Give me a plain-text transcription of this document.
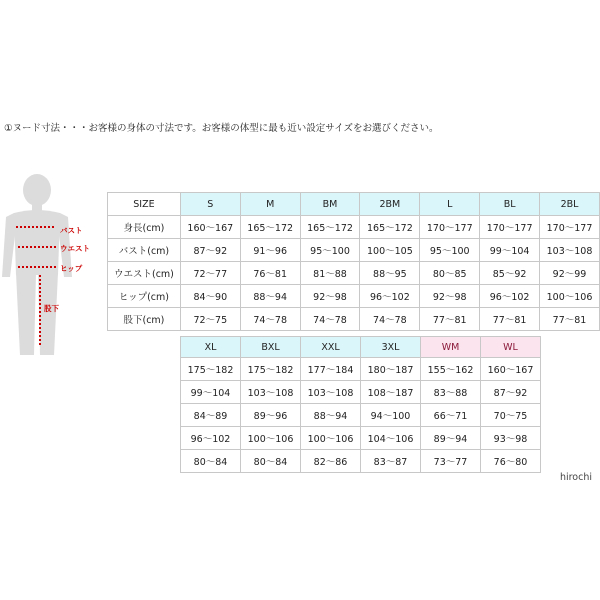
①ヌード寸法・・・お客様の身体の寸法です。お客様の体型に最も近い設定サイズをお選びください。
バスト
ウエスト
ヒップ
股下
SIZE	S	M	BM	2BM	L	BL	2BL
身長(cm)	160〜167	165〜172	165〜172	165〜172	170〜177	170〜177	170〜177
バスト(cm)	87〜92	91〜96	95〜100	100〜105	95〜100	99〜104	103〜108
ウエスト(cm)	72〜77	76〜81	81〜88	88〜95	80〜85	85〜92	92〜99
ヒップ(cm)	84〜90	88〜94	92〜98	96〜102	92〜98	96〜102	100〜106
股下(cm)	72〜75	74〜78	74〜78	74〜78	77〜81	77〜81	77〜81
XL	BXL	XXL	3XL	WM	WL
175〜182	175〜182	177〜184	180〜187	155〜162	160〜167
99〜104	103〜108	103〜108	108〜187	83〜88	87〜92
84〜89	89〜96	88〜94	94〜100	66〜71	70〜75
96〜102	100〜106	100〜106	104〜106	89〜94	93〜98
80〜84	80〜84	82〜86	83〜87	73〜77	76〜80
hirochi
